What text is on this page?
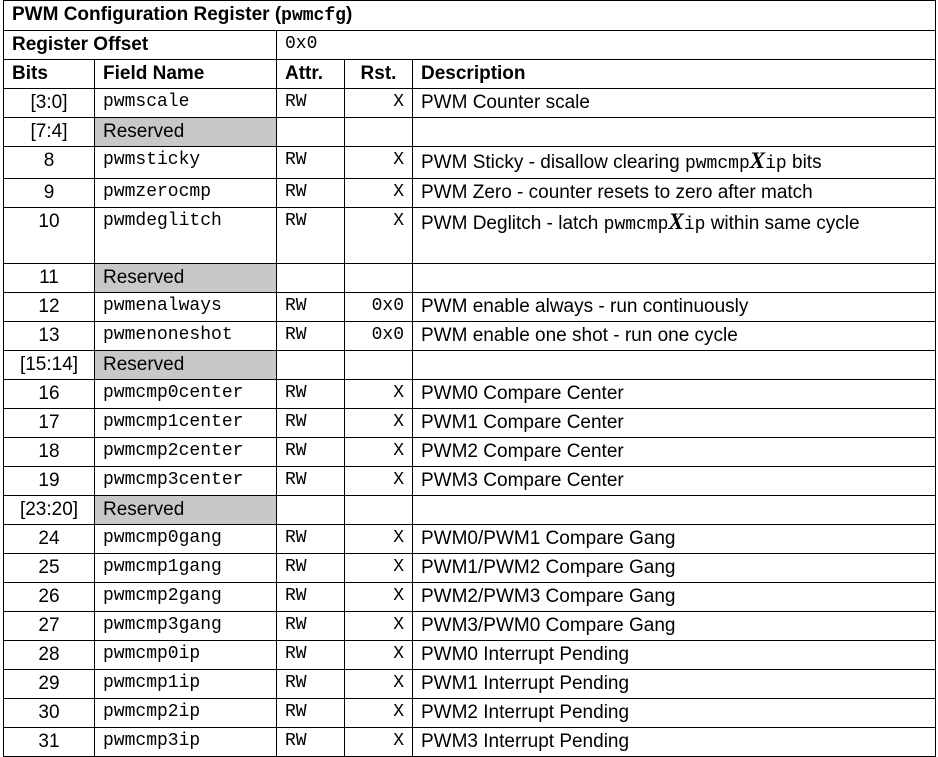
PWM Configuration Register (pwmcfg)				
Register Offset		0x0		
Bits	Field Name	Attr.	Rst.	Description
[3:0]	pwmscale	RW	X	PWM Counter scale
[7:4]	Reserved			
8	pwmsticky	RW	X	PWM Sticky - disallow clearing pwmcmpXip bits
9	pwmzerocmp	RW	X	PWM Zero - counter resets to zero after match
10	pwmdeglitch	RW	X	PWM Deglitch - latch pwmcmpXip within same cycle
11	Reserved			
12	pwmenalways	RW	0x0	PWM enable always - run continuously
13	pwmenoneshot	RW	0x0	PWM enable one shot - run one cycle
[15:14]	Reserved			
16	pwmcmp0center	RW	X	PWM0 Compare Center
17	pwmcmp1center	RW	X	PWM1 Compare Center
18	pwmcmp2center	RW	X	PWM2 Compare Center
19	pwmcmp3center	RW	X	PWM3 Compare Center
[23:20]	Reserved			
24	pwmcmp0gang	RW	X	PWM0/PWM1 Compare Gang
25	pwmcmp1gang	RW	X	PWM1/PWM2 Compare Gang
26	pwmcmp2gang	RW	X	PWM2/PWM3 Compare Gang
27	pwmcmp3gang	RW	X	PWM3/PWM0 Compare Gang
28	pwmcmp0ip	RW	X	PWM0 Interrupt Pending
29	pwmcmp1ip	RW	X	PWM1 Interrupt Pending
30	pwmcmp2ip	RW	X	PWM2 Interrupt Pending
31	pwmcmp3ip	RW	X	PWM3 Interrupt Pending
